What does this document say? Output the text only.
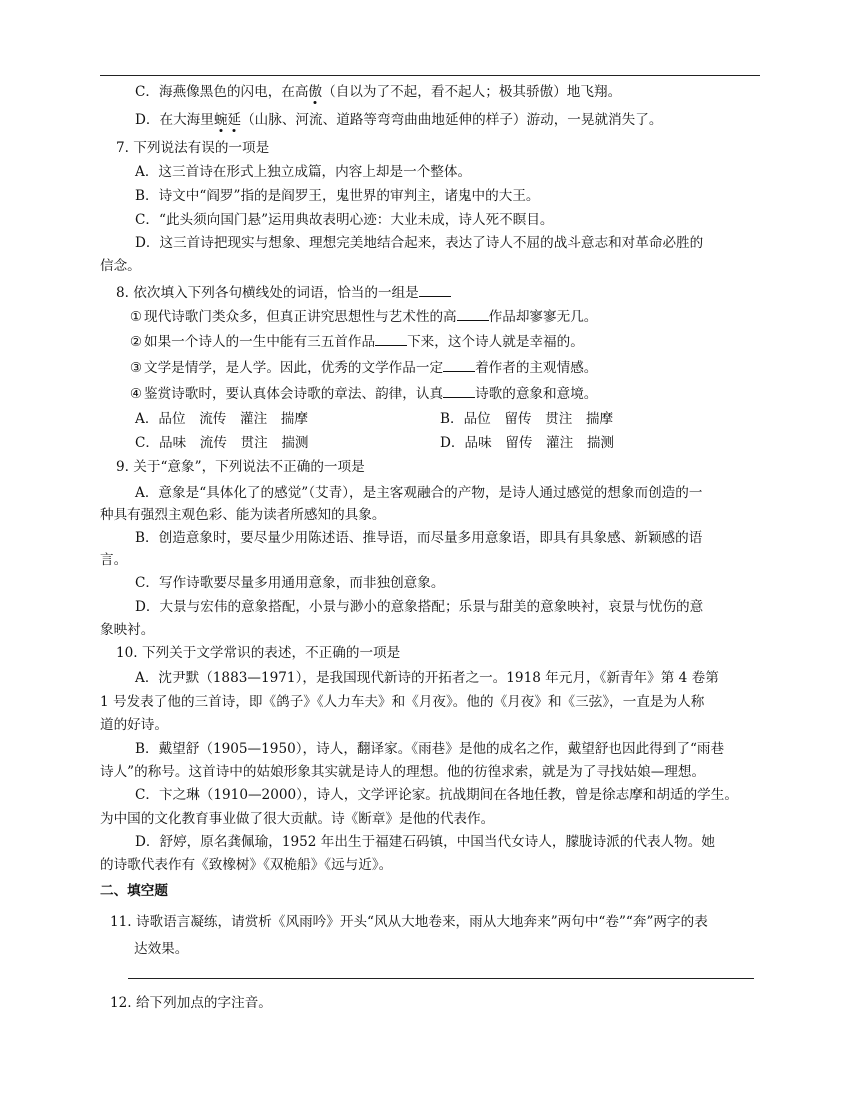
C．海燕像黑色的闪电，在高傲（自以为了不起，看不起人；极其骄傲）地飞翔。
D．在大海里蜿延（山脉、河流、道路等弯弯曲曲地延伸的样子）游动，一晃就消失了。
7. 下列说法有误的一项是
A．这三首诗在形式上独立成篇，内容上却是一个整体。
B．诗文中“阎罗”指的是阎罗王，鬼世界的审判主，诸鬼中的大王。
C．“此头须向国门悬”运用典故表明心迹：大业未成，诗人死不瞑目。
D．这三首诗把现实与想象、理想完美地结合起来，表达了诗人不屈的战斗意志和对革命必胜的
信念。
8. 依次填入下列各句横线处的词语，恰当的一组是
① 现代诗歌门类众多，但真正讲究思想性与艺术性的高 作品却寥寥无几。
② 如果一个诗人的一生中能有三五首作品 下来，这个诗人就是幸福的。
③ 文学是情学，是人学。因此，优秀的文学作品一定 着作者的主观情感。
④ 鉴赏诗歌时，要认真体会诗歌的章法、韵律，认真 诗歌的意象和意境。
A．品位　流传　灌注　揣摩	B．品位　留传　贯注　揣摩
C．品味　流传　贯注　揣测	D．品味　留传　灌注　揣测
9. 关于“意象”，下列说法不正确的一项是
A．意象是“具体化了的感觉”（艾青），是主客观融合的产物，是诗人通过感觉的想象而创造的一
种具有强烈主观色彩、能为读者所感知的具象。
B．创造意象时，要尽量少用陈述语、推导语，而尽量多用意象语，即具有具象感、新颖感的语
言。
C．写作诗歌要尽量多用通用意象，而非独创意象。
D．大景与宏伟的意象搭配，小景与渺小的意象搭配；乐景与甜美的意象映衬，哀景与忧伤的意
象映衬。
10. 下列关于文学常识的表述，不正确的一项是
A．沈尹默（1883—1971），是我国现代新诗的开拓者之一。1918 年元月，《新青年》第 4 卷第
1 号发表了他的三首诗，即《鸽子》《人力车夫》和《月夜》。他的《月夜》和《三弦》，一直是为人称
道的好诗。
B．戴望舒（1905—1950），诗人，翻译家。《雨巷》是他的成名之作，戴望舒也因此得到了“雨巷
诗人”的称号。这首诗中的姑娘形象其实就是诗人的理想。他的彷徨求索，就是为了寻找姑娘—理想。
C．卞之琳（1910—2000），诗人，文学评论家。抗战期间在各地任教，曾是徐志摩和胡适的学生。
为中国的文化教育事业做了很大贡献。诗《断章》是他的代表作。
D．舒婷，原名龚佩瑜，1952 年出生于福建石码镇，中国当代女诗人，朦胧诗派的代表人物。她
的诗歌代表作有《致橡树》《双桅船》《远与近》。
二、填空题
11. 诗歌语言凝练，请赏析《风雨吟》开头“风从大地卷来，雨从大地奔来”两句中“卷”“奔”两字的表
达效果。
12. 给下列加点的字注音。
